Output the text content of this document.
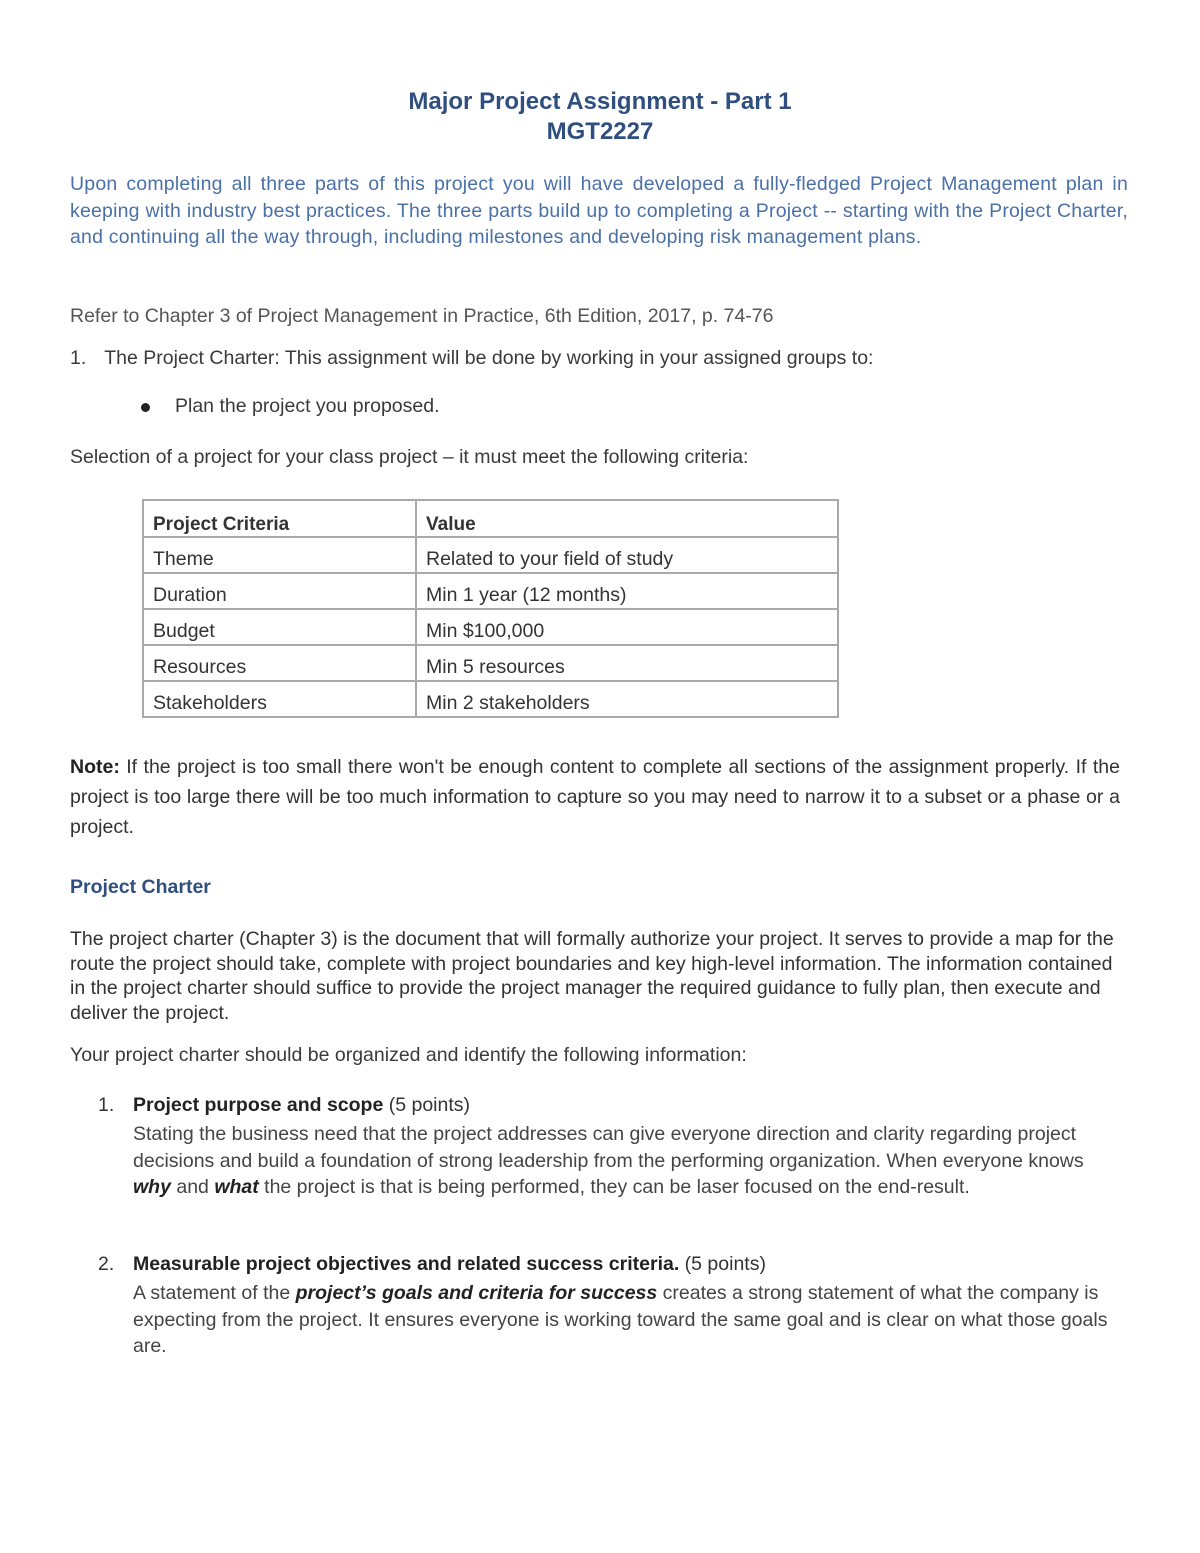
Major Project Assignment - Part 1
MGT2227
Upon completing all three parts of this project you will have developed a fully-fledged Project Management plan in keeping with industry best practices. The three parts build up to completing a Project -- starting with the Project Charter, and continuing all the way through, including milestones and developing risk management plans.
Refer to Chapter 3 of Project Management in Practice, 6th Edition, 2017, p. 74-76
1. The Project Charter: This assignment will be done by working in your assigned groups to:
Plan the project you proposed.
Selection of a project for your class project – it must meet the following criteria:
Project Criteria	Value
Theme	Related to your field of study
Duration	Min 1 year (12 months)
Budget	Min $100,000
Resources	Min 5 resources
Stakeholders	Min 2 stakeholders
Note: If the project is too small there won't be enough content to complete all sections of the assignment properly. If the project is too large there will be too much information to capture so you may need to narrow it to a subset or a phase or a project.
Project Charter
The project charter (Chapter 3) is the document that will formally authorize your project. It serves to provide a map for the route the project should take, complete with project boundaries and key high-level information. The information contained in the project charter should suffice to provide the project manager the required guidance to fully plan, then execute and deliver the project.
Your project charter should be organized and identify the following information:
1. Project purpose and scope (5 points)
Stating the business need that the project addresses can give everyone direction and clarity regarding project decisions and build a foundation of strong leadership from the performing organization. When everyone knows why and what the project is that is being performed, they can be laser focused on the end-result.
2. Measurable project objectives and related success criteria. (5 points)
A statement of the project’s goals and criteria for success creates a strong statement of what the company is expecting from the project. It ensures everyone is working toward the same goal and is clear on what those goals are.
